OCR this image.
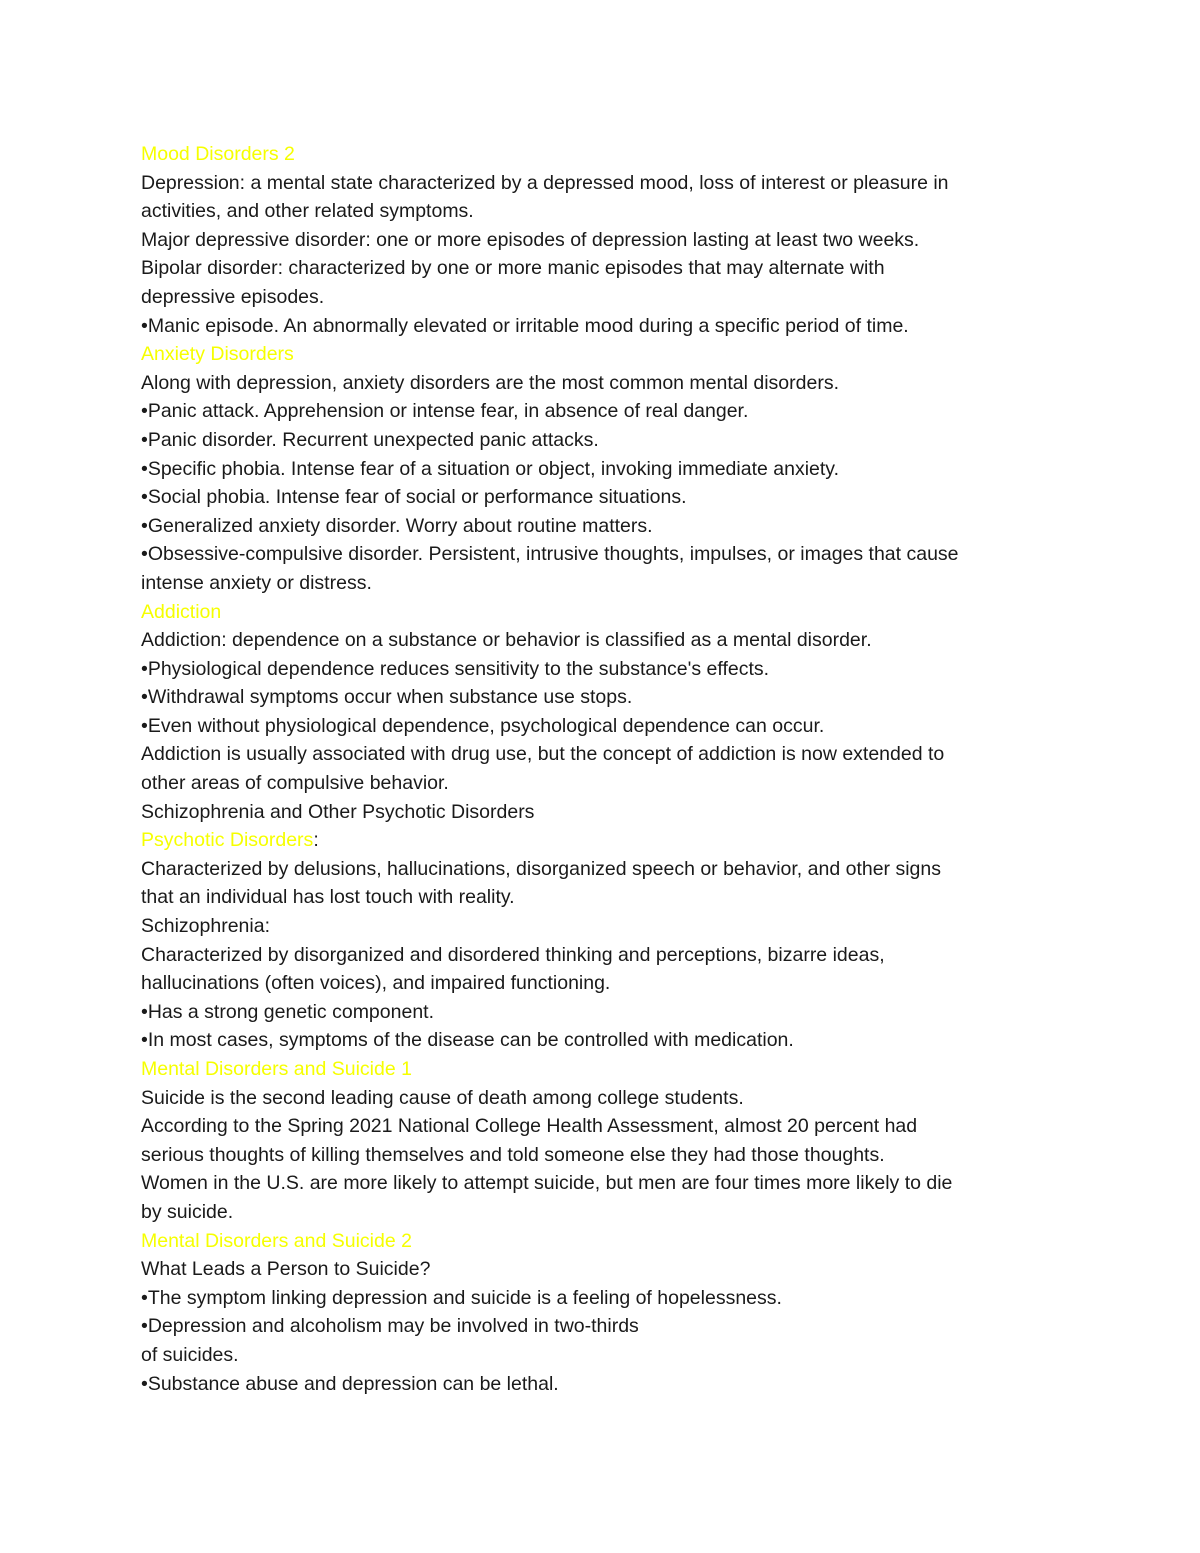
Mood Disorders 2
Depression: a mental state characterized by a depressed mood, loss of interest or pleasure in
activities, and other related symptoms.
Major depressive disorder: one or more episodes of depression lasting at least two weeks.
Bipolar disorder: characterized by one or more manic episodes that may alternate with
depressive episodes.
•Manic episode. An abnormally elevated or irritable mood during a specific period of time.
Anxiety Disorders
Along with depression, anxiety disorders are the most common mental disorders.
•Panic attack. Apprehension or intense fear, in absence of real danger.
•Panic disorder. Recurrent unexpected panic attacks.
•Specific phobia. Intense fear of a situation or object, invoking immediate anxiety.
•Social phobia. Intense fear of social or performance situations.
•Generalized anxiety disorder. Worry about routine matters.
•Obsessive-compulsive disorder. Persistent, intrusive thoughts, impulses, or images that cause
intense anxiety or distress.
Addiction
Addiction: dependence on a substance or behavior is classified as a mental disorder.
•Physiological dependence reduces sensitivity to the substance's effects.
•Withdrawal symptoms occur when substance use stops.
•Even without physiological dependence, psychological dependence can occur.
Addiction is usually associated with drug use, but the concept of addiction is now extended to
other areas of compulsive behavior.
Schizophrenia and Other Psychotic Disorders
Psychotic Disorders:
Characterized by delusions, hallucinations, disorganized speech or behavior, and other signs
that an individual has lost touch with reality.
Schizophrenia:
Characterized by disorganized and disordered thinking and perceptions, bizarre ideas,
hallucinations (often voices), and impaired functioning.
•Has a strong genetic component.
•In most cases, symptoms of the disease can be controlled with medication.
Mental Disorders and Suicide 1
Suicide is the second leading cause of death among college students.
According to the Spring 2021 National College Health Assessment, almost 20 percent had
serious thoughts of killing themselves and told someone else they had those thoughts.
Women in the U.S. are more likely to attempt suicide, but men are four times more likely to die
by suicide.
Mental Disorders and Suicide 2
What Leads a Person to Suicide?
•The symptom linking depression and suicide is a feeling of hopelessness.
•Depression and alcoholism may be involved in two-thirds
of suicides.
•Substance abuse and depression can be lethal.
